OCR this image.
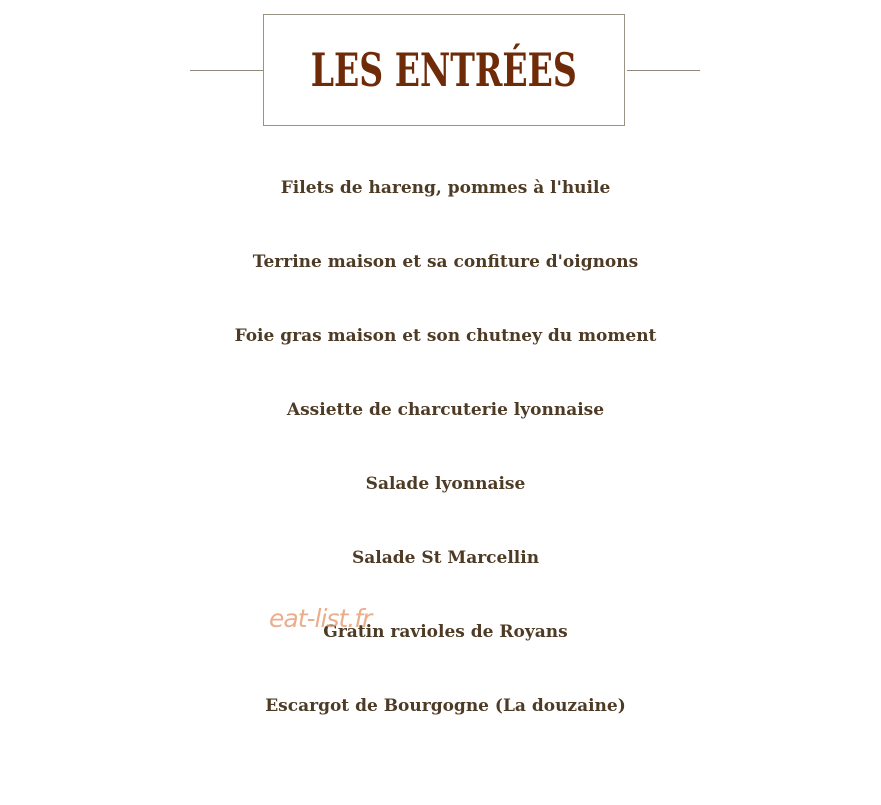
LES ENTRÉES
Filets de hareng, pommes à l'huile
Terrine maison et sa confiture d'oignons
Foie gras maison et son chutney du moment
Assiette de charcuterie lyonnaise
Salade lyonnaise
Salade St Marcellin
Gratin ravioles de Royans
Escargot de Bourgogne (La douzaine)
eat-list.fr
